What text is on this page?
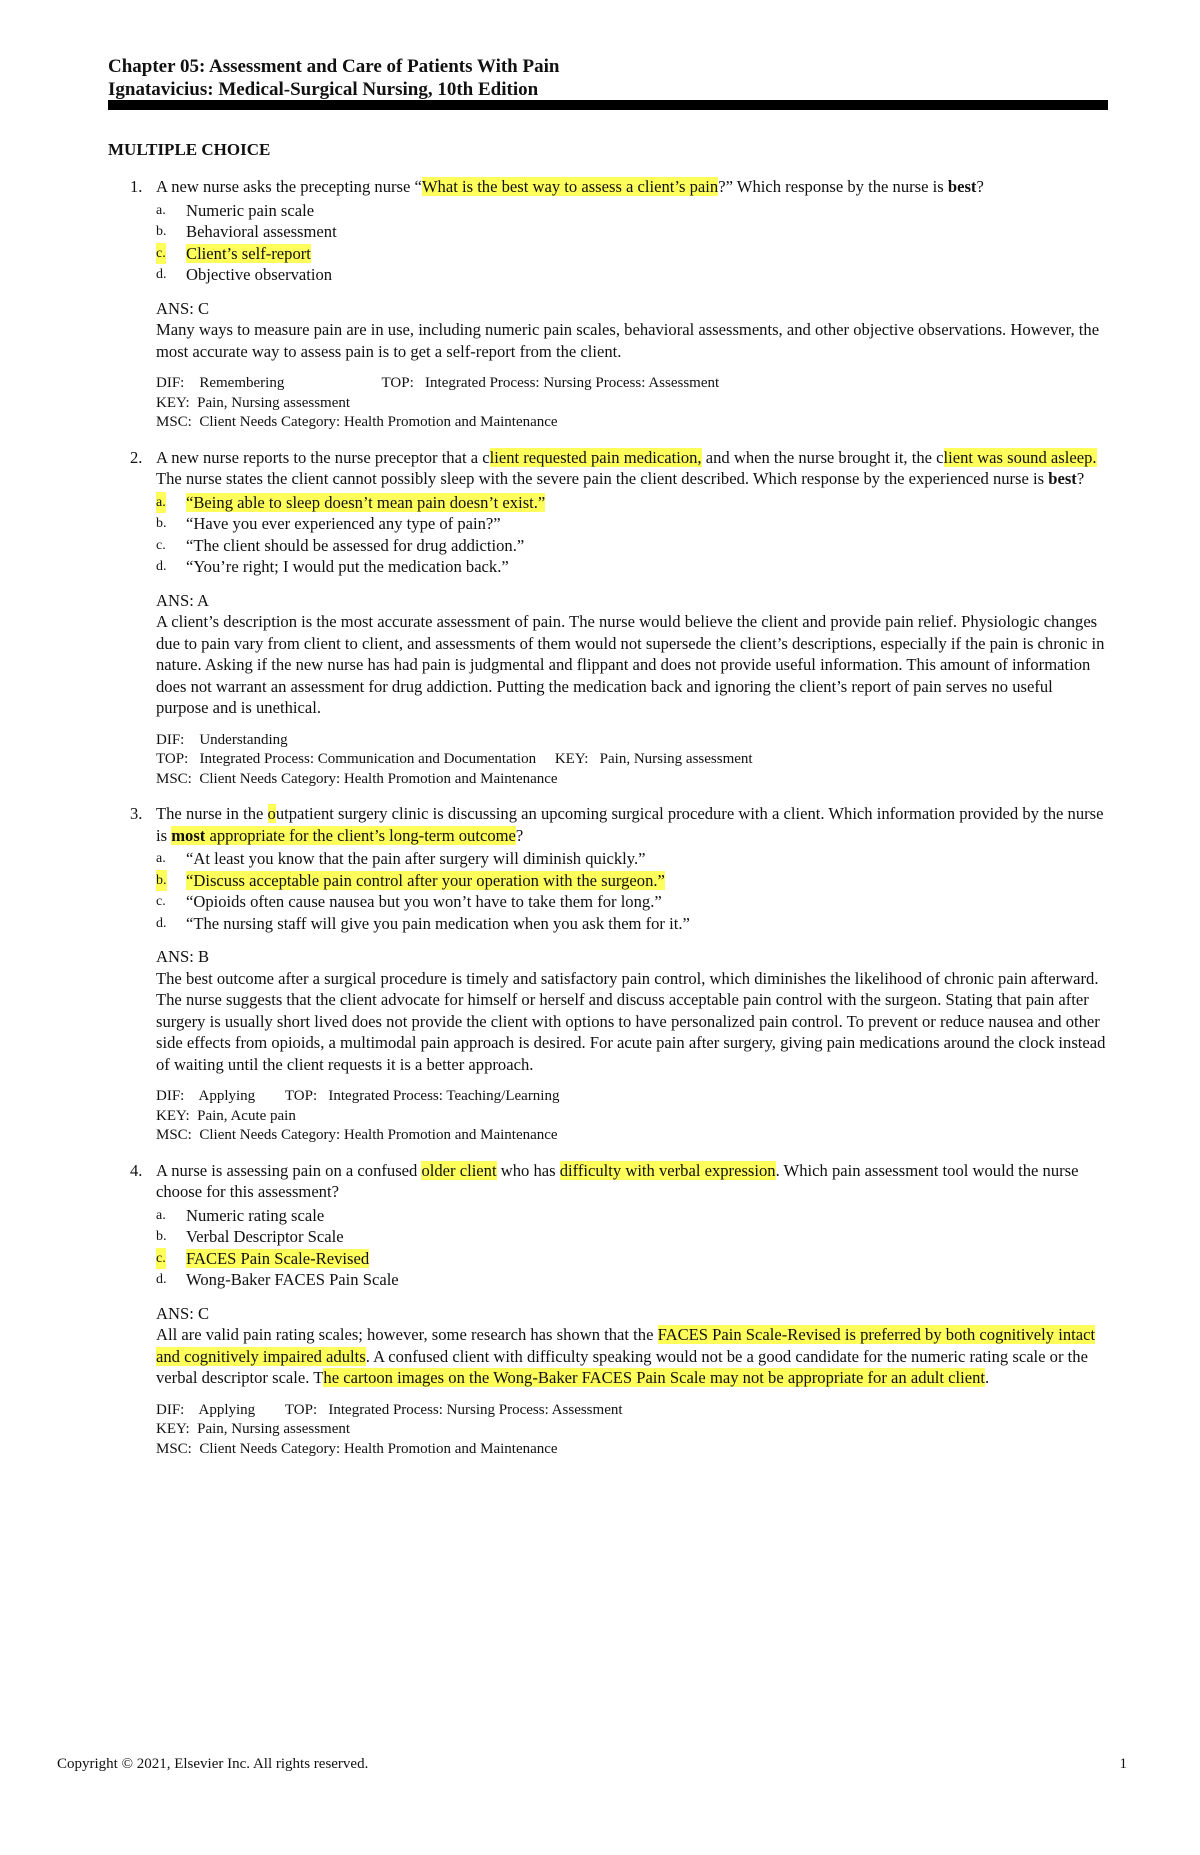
Chapter 05: Assessment and Care of Patients With Pain
Ignatavicius: Medical-Surgical Nursing, 10th Edition
MULTIPLE CHOICE
1. A new nurse asks the precepting nurse “What is the best way to assess a client’s pain?” Which response by the nurse is best?

a. Numeric pain scale
b. Behavioral assessment
c. Client’s self-report
d. Objective observation
ANS: C

Many ways to measure pain are in use, including numeric pain scales, behavioral assessments, and other objective observations. However, the most accurate way to assess pain is to get a self-report from the client.

DIF:    Remembering                          TOP:   Integrated Process: Nursing Process: Assessment
KEY:  Pain, Nursing assessment
MSC:  Client Needs Category: Health Promotion and Maintenance
2. A new nurse reports to the nurse preceptor that a client requested pain medication, and when the nurse brought it, the client was sound asleep. The nurse states the client cannot possibly sleep with the severe pain the client described. Which response by the experienced nurse is best?

a. “Being able to sleep doesn’t mean pain doesn’t exist.”
b. “Have you ever experienced any type of pain?”
c. “The client should be assessed for drug addiction.”
d. “You’re right; I would put the medication back.”
ANS: A

A client’s description is the most accurate assessment of pain. The nurse would believe the client and provide pain relief. Physiologic changes due to pain vary from client to client, and assessments of them would not supersede the client’s descriptions, especially if the pain is chronic in nature. Asking if the new nurse has had pain is judgmental and flippant and does not provide useful information. This amount of information does not warrant an assessment for drug addiction. Putting the medication back and ignoring the client’s report of pain serves no useful purpose and is unethical.

DIF:    Understanding
TOP:   Integrated Process: Communication and Documentation     KEY:   Pain, Nursing assessment
MSC:  Client Needs Category: Health Promotion and Maintenance
3. The nurse in the outpatient surgery clinic is discussing an upcoming surgical procedure with a client. Which information provided by the nurse is most appropriate for the client’s long-term outcome?

a. “At least you know that the pain after surgery will diminish quickly.”
b. “Discuss acceptable pain control after your operation with the surgeon.”
c. “Opioids often cause nausea but you won’t have to take them for long.”
d. “The nursing staff will give you pain medication when you ask them for it.”
ANS: B

The best outcome after a surgical procedure is timely and satisfactory pain control, which diminishes the likelihood of chronic pain afterward. The nurse suggests that the client advocate for himself or herself and discuss acceptable pain control with the surgeon. Stating that pain after surgery is usually short lived does not provide the client with options to have personalized pain control. To prevent or reduce nausea and other side effects from opioids, a multimodal pain approach is desired. For acute pain after surgery, giving pain medications around the clock instead of waiting until the client requests it is a better approach.

DIF:    Applying        TOP:   Integrated Process: Teaching/Learning
KEY:  Pain, Acute pain
MSC:  Client Needs Category: Health Promotion and Maintenance
4. A nurse is assessing pain on a confused older client who has difficulty with verbal expression. Which pain assessment tool would the nurse choose for this assessment?

a. Numeric rating scale
b. Verbal Descriptor Scale
c. FACES Pain Scale-Revised
d. Wong-Baker FACES Pain Scale
ANS: C

All are valid pain rating scales; however, some research has shown that the FACES Pain Scale-Revised is preferred by both cognitively intact and cognitively impaired adults. A confused client with difficulty speaking would not be a good candidate for the numeric rating scale or the verbal descriptor scale. The cartoon images on the Wong-Baker FACES Pain Scale may not be appropriate for an adult client.

DIF:    Applying        TOP:   Integrated Process: Nursing Process: Assessment
KEY:  Pain, Nursing assessment
MSC:  Client Needs Category: Health Promotion and Maintenance
Copyright © 2021, Elsevier Inc. All rights reserved.	1
